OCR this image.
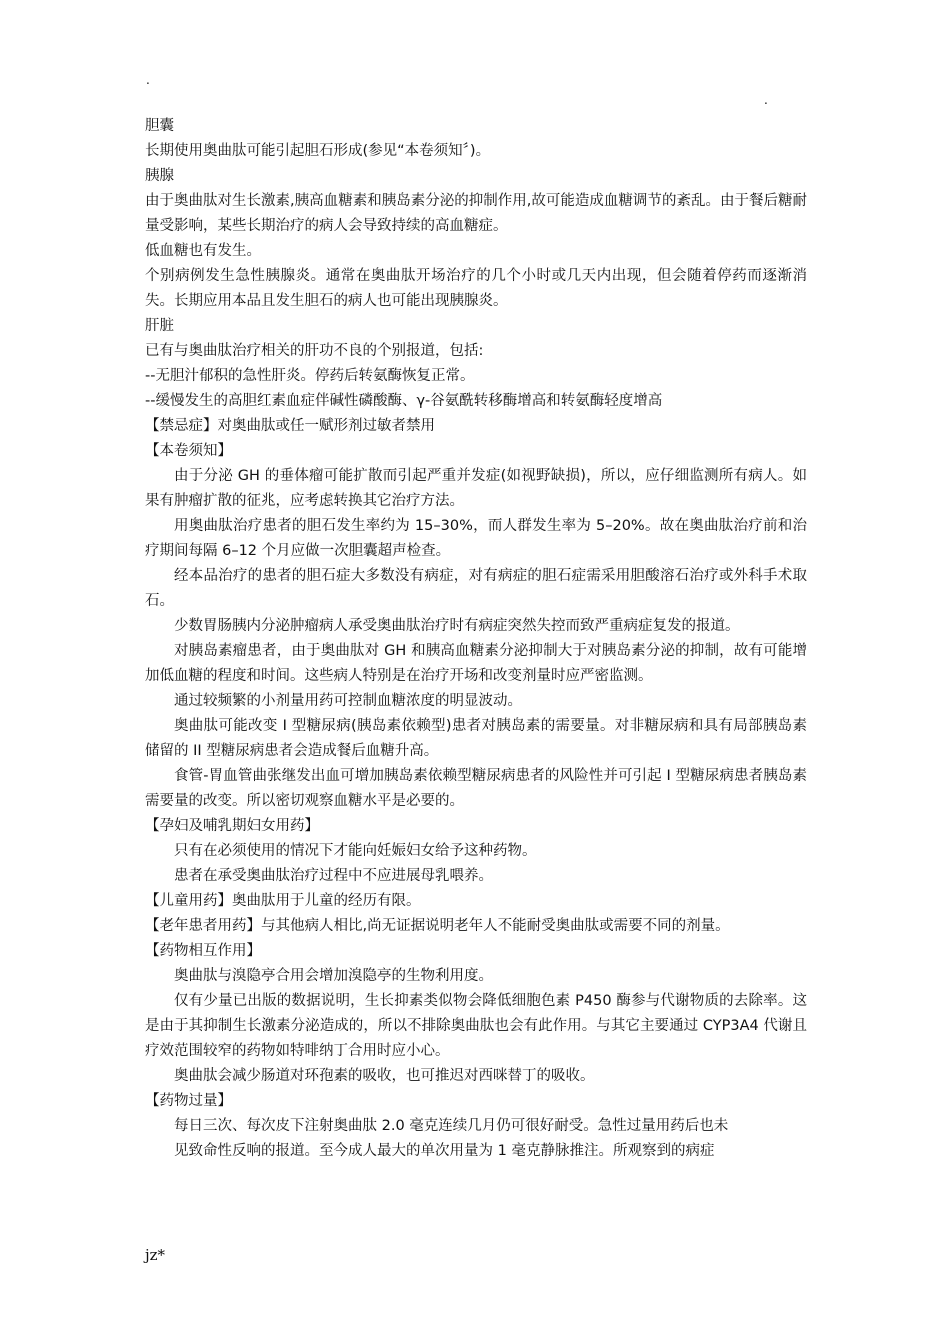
.
.

胆囊

长期使用奥曲肽可能引起胆石形成(参见“本卷须知〞)。

胰腺

由于奥曲肽对生长激素,胰高血糖素和胰岛素分泌的抑制作用,故可能造成血糖调节的紊乱。由于餐后糖耐量受影响，某些长期治疗的病人会导致持续的高血糖症。

低血糖也有发生。

个别病例发生急性胰腺炎。通常在奥曲肽开场治疗的几个小时或几天内出现，但会随着停药而逐渐消失。长期应用本品且发生胆石的病人也可能出现胰腺炎。

肝脏

已有与奥曲肽治疗相关的肝功不良的个别报道，包括:

--无胆汁郁积的急性肝炎。停药后转氨酶恢复正常。

--缓慢发生的高胆红素血症伴碱性磷酸酶、γ-谷氨酰转移酶增高和转氨酶轻度增高

【禁忌症】对奥曲肽或任一赋形剂过敏者禁用

【本卷须知】

由于分泌 GH 的垂体瘤可能扩散而引起严重并发症(如视野缺损)，所以，应仔细监测所有病人。如果有肿瘤扩散的征兆，应考虑转换其它治疗方法。

用奥曲肽治疗患者的胆石发生率约为 15–30%，而人群发生率为 5–20%。故在奥曲肽治疗前和治疗期间每隔 6–12 个月应做一次胆囊超声检查。

经本品治疗的患者的胆石症大多数没有病症，对有病症的胆石症需采用胆酸溶石治疗或外科手术取石。

少数胃肠胰内分泌肿瘤病人承受奥曲肽治疗时有病症突然失控而致严重病症复发的报道。

对胰岛素瘤患者，由于奥曲肽对 GH 和胰高血糖素分泌抑制大于对胰岛素分泌的抑制，故有可能增加低血糖的程度和时间。这些病人特别是在治疗开场和改变剂量时应严密监测。

通过较频繁的小剂量用药可控制血糖浓度的明显波动。

奥曲肽可能改变 I 型糖尿病(胰岛素依赖型)患者对胰岛素的需要量。对非糖尿病和具有局部胰岛素储留的 II 型糖尿病患者会造成餐后血糖升高。

食管-胃血管曲张继发出血可增加胰岛素依赖型糖尿病患者的风险性并可引起 I 型糖尿病患者胰岛素需要量的改变。所以密切观察血糖水平是必要的。

【孕妇及哺乳期妇女用药】

只有在必须使用的情况下才能向妊娠妇女给予这种药物。

患者在承受奥曲肽治疗过程中不应进展母乳喂养。

【儿童用药】奥曲肽用于儿童的经历有限。

【老年患者用药】与其他病人相比,尚无证据说明老年人不能耐受奥曲肽或需要不同的剂量。

【药物相互作用】

奥曲肽与溴隐亭合用会增加溴隐亭的生物利用度。

仅有少量已出版的数据说明，生长抑素类似物会降低细胞色素 P450 酶参与代谢物质的去除率。这是由于其抑制生长激素分泌造成的，所以不排除奥曲肽也会有此作用。与其它主要通过 CYP3A4 代谢且疗效范围较窄的药物如特啡纳丁合用时应小心。

奥曲肽会减少肠道对环孢素的吸收，也可推迟对西咪替丁的吸收。

【药物过量】

每日三次、每次皮下注射奥曲肽 2.0 毫克连续几月仍可很好耐受。急性过量用药后也未

见致命性反响的报道。至今成人最大的单次用量为 1 毫克静脉推注。所观察到的病症

jz*
